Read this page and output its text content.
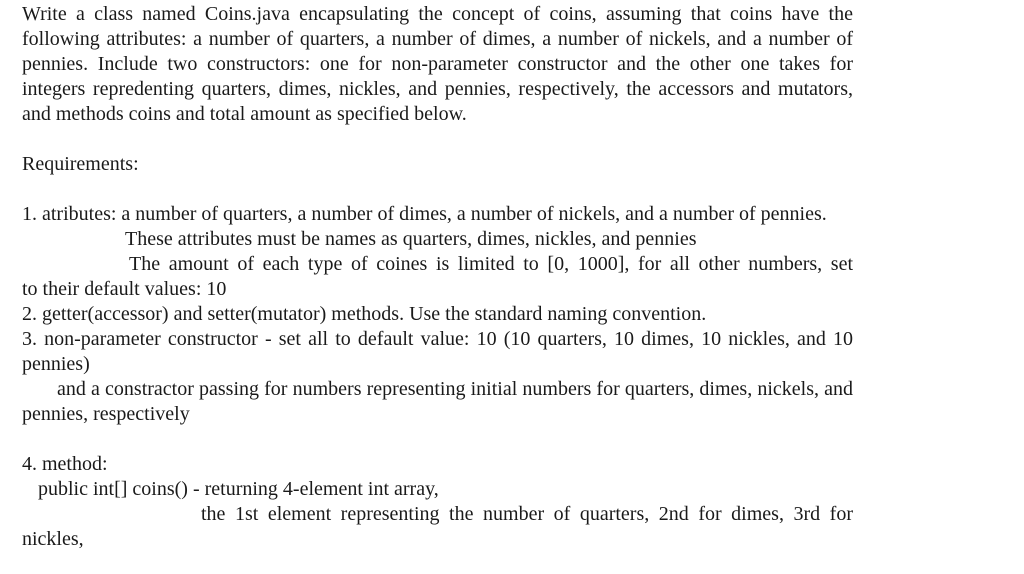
Write a class named Coins.java encapsulating the concept of coins, assuming that coins have the following attributes: a number of quarters, a number of dimes, a number of nickels, and a number of pennies. Include two constructors: one for non-parameter constructor and the other one takes for integers repredenting quarters, dimes, nickles, and pennies, respectively, the accessors and mutators, and methods coins and total amount as specified below.

Requirements:

1. atributes: a number of quarters, a number of dimes, a number of nickels, and a number of pennies.

These attributes must be names as quarters, dimes, nickles, and pennies

The amount of each type of coines is limited to [0, 1000], for all other numbers, set

to their default values: 10

2. getter(accessor) and setter(mutator) methods. Use the standard naming convention.

3. non-parameter constructor - set all to default value: 10 (10 quarters, 10 dimes, 10 nickles, and 10 pennies)

and a constractor passing for numbers representing initial numbers for quarters, dimes, nickels, and pennies, respectively

4. method:

public int[] coins() - returning 4-element int array,

the 1st element representing the number of quarters, 2nd for dimes, 3rd for

nickles,
